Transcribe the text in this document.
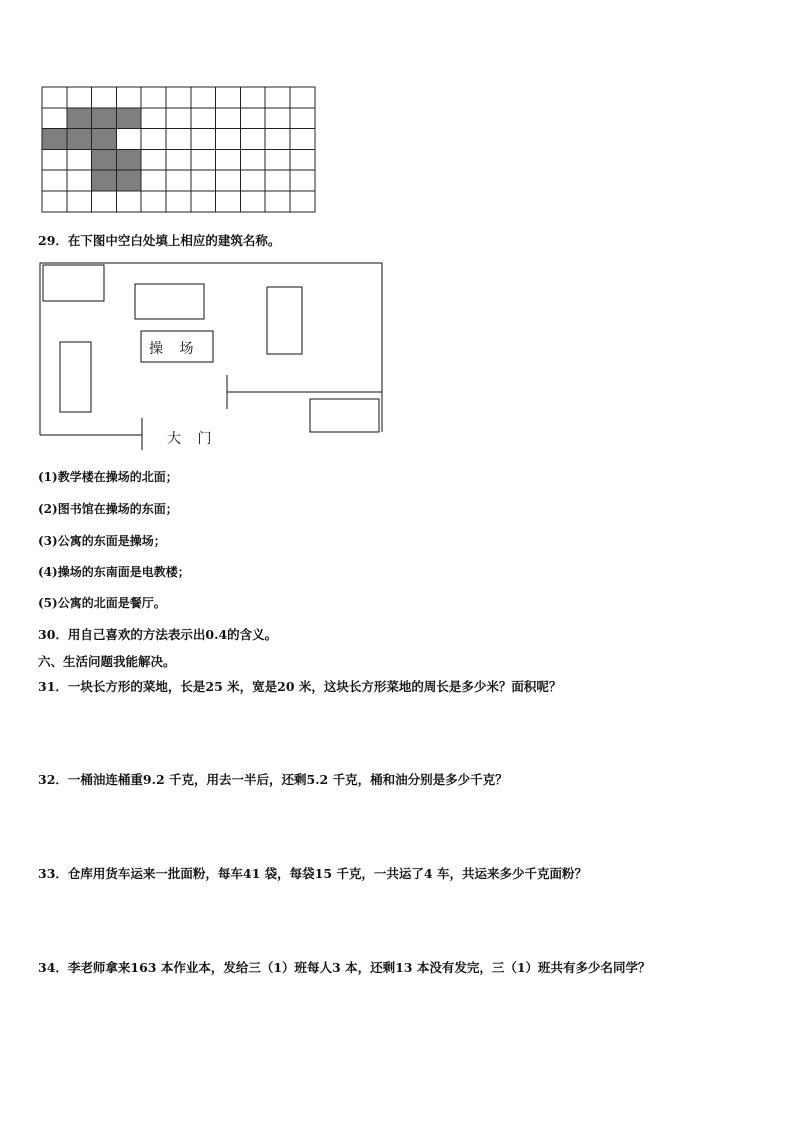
29．在下图中空白处填上相应的建筑名称。
操 场
大 门
(1)教学楼在操场的北面；
(2)图书馆在操场的东面；
(3)公寓的东面是操场；
(4)操场的东南面是电教楼；
(5)公寓的北面是餐厅。
30．用自己喜欢的方法表示出0.4的含义。
六、生活问题我能解决。
31．一块长方形的菜地，长是25 米，宽是20 米，这块长方形菜地的周长是多少米？面积呢？
32．一桶油连桶重9.2 千克，用去一半后，还剩5.2 千克，桶和油分别是多少千克？
33．仓库用货车运来一批面粉，每车41 袋，每袋15 千克，一共运了4 车，共运来多少千克面粉？
34．李老师拿来163 本作业本，发给三（1）班每人3 本，还剩13 本没有发完，三（1）班共有多少名同学？
